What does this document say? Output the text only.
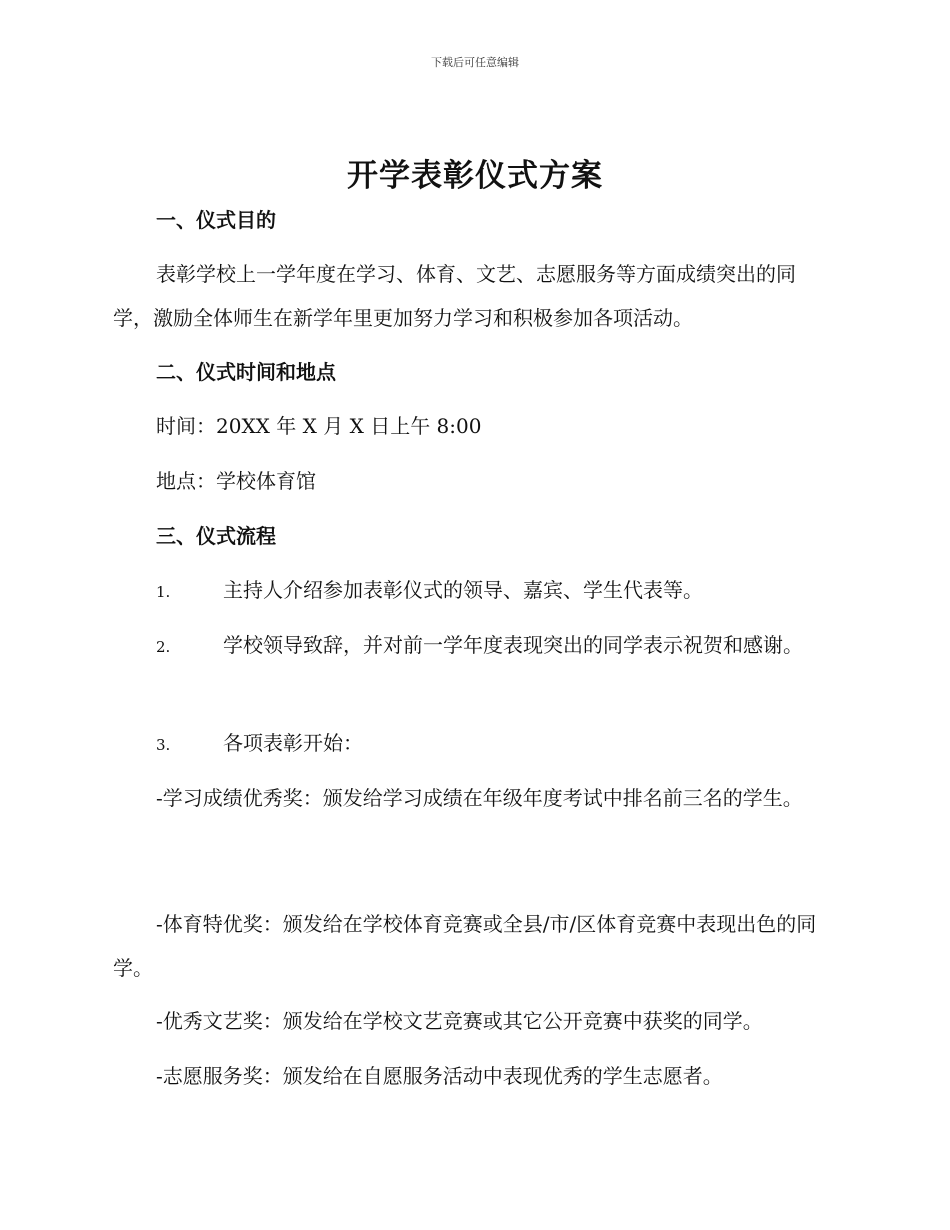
下载后可任意编辑
开学表彰仪式方案
一、仪式目的
表彰学校上一学年度在学习、体育、文艺、志愿服务等方面成绩突出的同学，激励全体师生在新学年里更加努力学习和积极参加各项活动。
二、仪式时间和地点
时间：20XX 年 X 月 X 日上午 8:00
地点：学校体育馆
三、仪式流程
1.	主持人介绍参加表彰仪式的领导、嘉宾、学生代表等。
2.	学校领导致辞，并对前一学年度表现突出的同学表示祝贺和感谢。
3.	各项表彰开始：
-学习成绩优秀奖：颁发给学习成绩在年级年度考试中排名前三名的学生。
-体育特优奖：颁发给在学校体育竞赛或全县/市/区体育竞赛中表现出色的同学。
-优秀文艺奖：颁发给在学校文艺竞赛或其它公开竞赛中获奖的同学。
-志愿服务奖：颁发给在自愿服务活动中表现优秀的学生志愿者。
